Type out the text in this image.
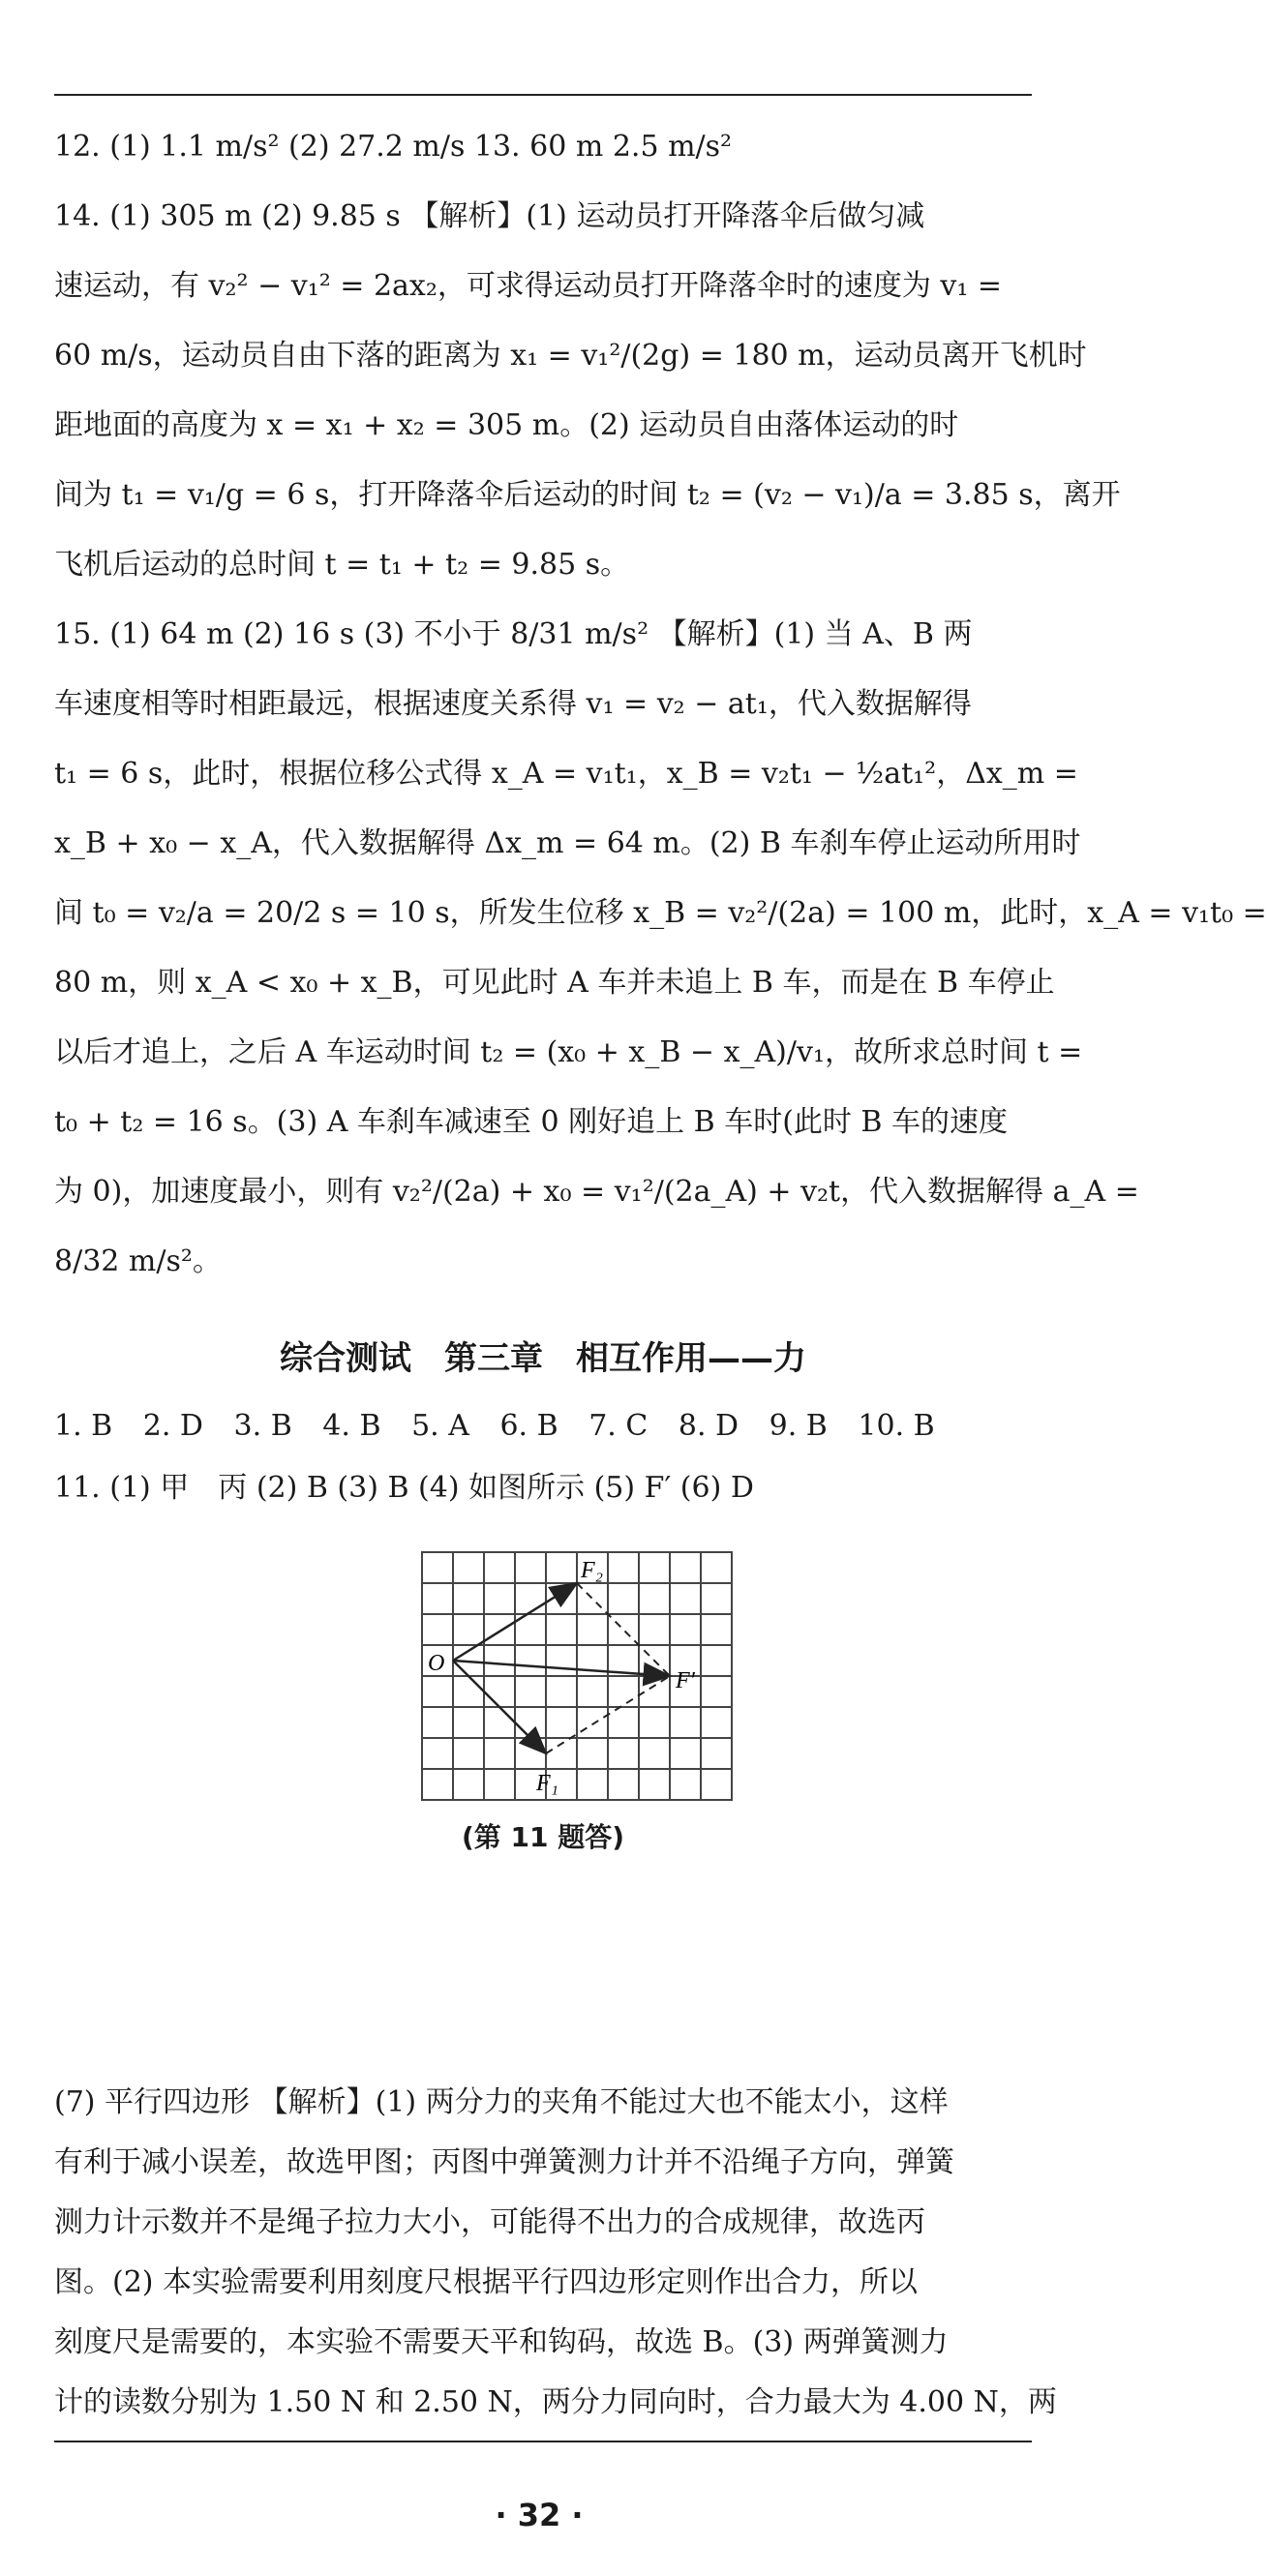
12. (1) 1.1 m/s² (2) 27.2 m/s 13. 60 m 2.5 m/s²
14. (1) 305 m (2) 9.85 s 【解析】(1) 运动员打开降落伞后做匀减
速运动，有 v₂² − v₁² = 2ax₂，可求得运动员打开降落伞时的速度为 v₁ =
60 m/s，运动员自由下落的距离为 x₁ = v₁²/(2g) = 180 m，运动员离开飞机时
距地面的高度为 x = x₁ + x₂ = 305 m。(2) 运动员自由落体运动的时
间为 t₁ = v₁/g = 6 s，打开降落伞后运动的时间 t₂ = (v₂ − v₁)/a = 3.85 s，离开
飞机后运动的总时间 t = t₁ + t₂ = 9.85 s。
15. (1) 64 m (2) 16 s (3) 不小于 8/31 m/s² 【解析】(1) 当 A、B 两
车速度相等时相距最远，根据速度关系得 v₁ = v₂ − at₁，代入数据解得
t₁ = 6 s，此时，根据位移公式得 x_A = v₁t₁，x_B = v₂t₁ − ½at₁²，Δx_m =
x_B + x₀ − x_A，代入数据解得 Δx_m = 64 m。(2) B 车刹车停止运动所用时
间 t₀ = v₂/a = 20/2 s = 10 s，所发生位移 x_B = v₂²/(2a) = 100 m，此时，x_A = v₁t₀ =
80 m，则 x_A < x₀ + x_B，可见此时 A 车并未追上 B 车，而是在 B 车停止
以后才追上，之后 A 车运动时间 t₂ = (x₀ + x_B − x_A)/v₁，故所求总时间 t =
t₀ + t₂ = 16 s。(3) A 车刹车减速至 0 刚好追上 B 车时(此时 B 车的速度
为 0)，加速度最小，则有 v₂²/(2a) + x₀ = v₁²/(2a_A) + v₂t，代入数据解得 a_A =
8/32 m/s²。
综合测试　第三章　相互作用——力
1. B 2. D 3. B 4. B 5. A 6. B 7. C 8. D 9. B 10. B
11. (1) 甲　丙 (2) B (3) B (4) 如图所示 (5) F′ (6) D
O
F₂
F₁
F′
(第 11 题答)
(7) 平行四边形 【解析】(1) 两分力的夹角不能过大也不能太小，这样
有利于减小误差，故选甲图；丙图中弹簧测力计并不沿绳子方向，弹簧
测力计示数并不是绳子拉力大小，可能得不出力的合成规律，故选丙
图。(2) 本实验需要利用刻度尺根据平行四边形定则作出合力，所以
刻度尺是需要的，本实验不需要天平和钩码，故选 B。(3) 两弹簧测力
计的读数分别为 1.50 N 和 2.50 N，两分力同向时，合力最大为 4.00 N，两
· 32 ·
